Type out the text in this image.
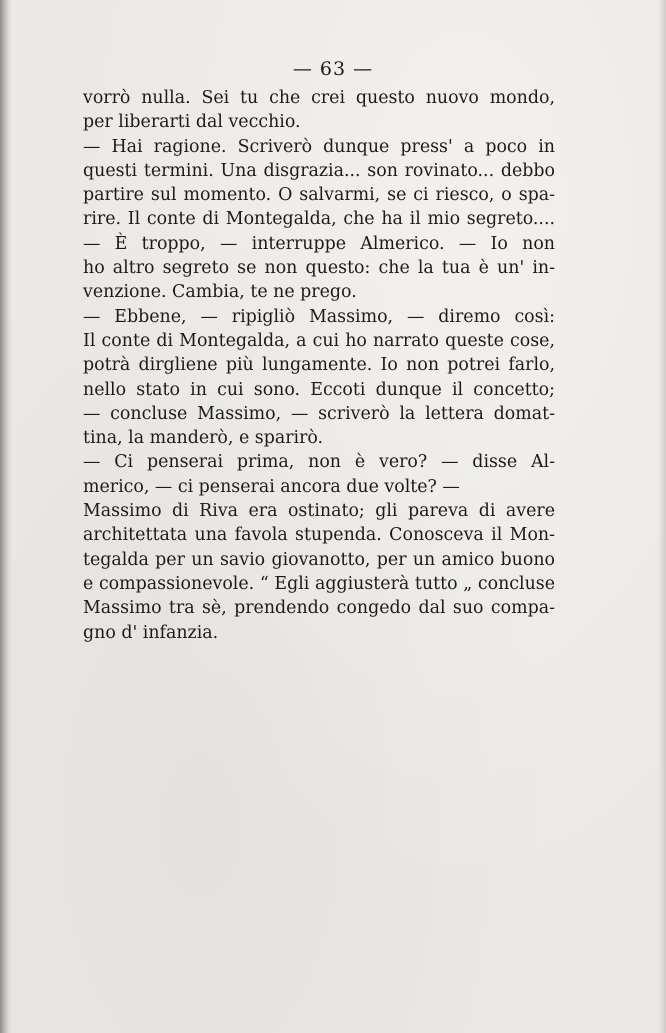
— 63 —

vorrò nulla. Sei tu che crei questo nuovo mondo,
per liberarti dal vecchio.
— Hai ragione. Scriverò dunque press' a poco in
questi termini. Una disgrazia... son rovinato... debbo
partire sul momento. O salvarmi, se ci riesco, o spa-
rire. Il conte di Montegalda, che ha il mio segreto....
— È troppo, — interruppe Almerico. — Io non
ho altro segreto se non questo: che la tua è un' in-
venzione. Cambia, te ne prego.
— Ebbene, — ripigliò Massimo, — diremo così:
Il conte di Montegalda, a cui ho narrato queste cose,
potrà dirgliene più lungamente. Io non potrei farlo,
nello stato in cui sono. Eccoti dunque il concetto;
— concluse Massimo, — scriverò la lettera domat-
tina, la manderò, e sparirò.
— Ci penserai prima, non è vero? — disse Al-
merico, — ci penserai ancora due volte? —
Massimo di Riva era ostinato; gli pareva di avere
architettata una favola stupenda. Conosceva il Mon-
tegalda per un savio giovanotto, per un amico buono
e compassionevole. “ Egli aggiusterà tutto „ concluse
Massimo tra sè, prendendo congedo dal suo compa-
gno d' infanzia.
